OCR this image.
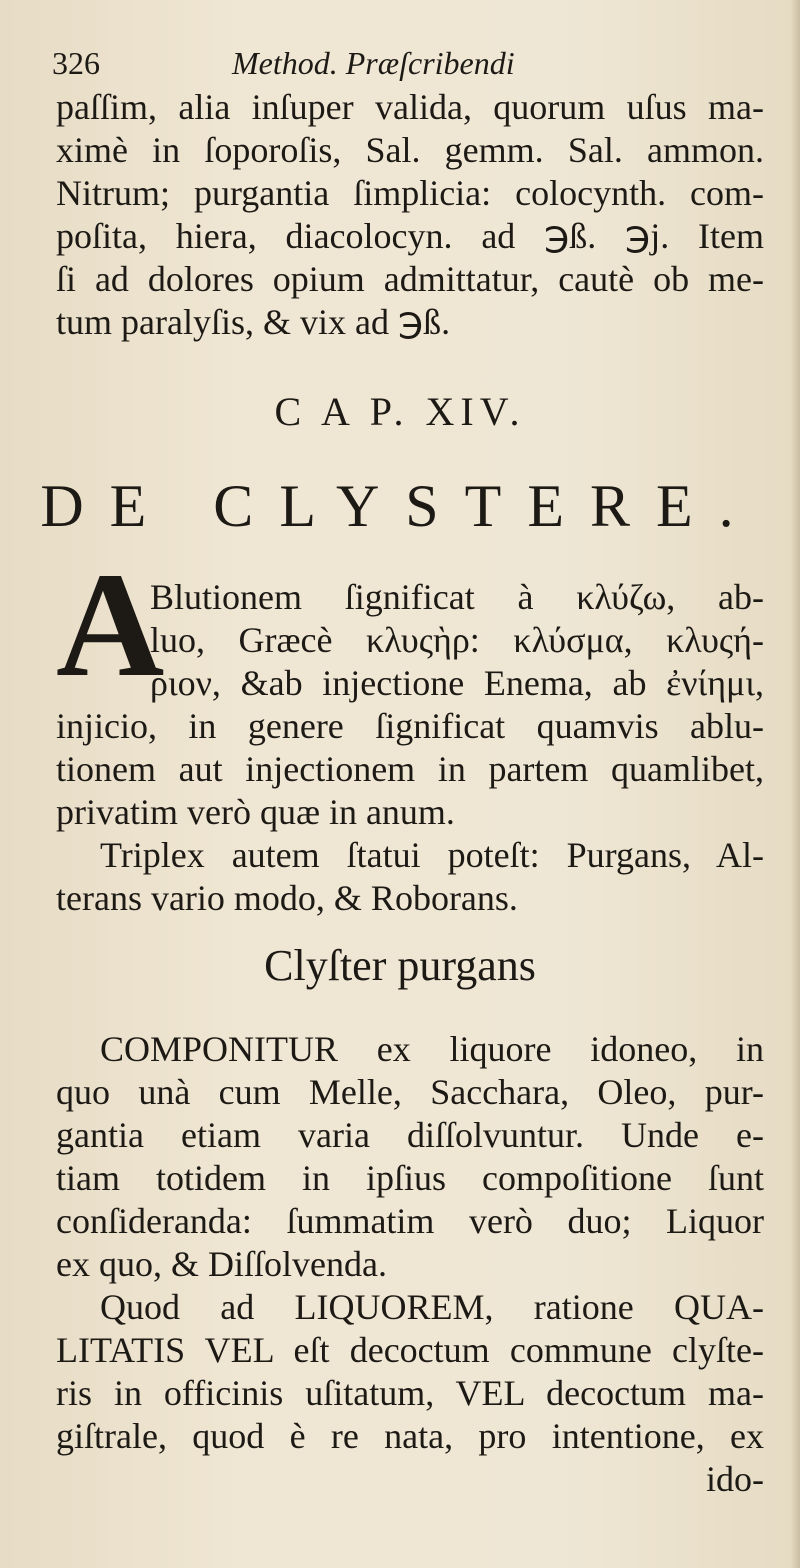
326	Method. Præſcribendi
paſſim, alia inſuper valida, quorum uſus ma-
ximè in ſoporoſis, Sal. gemm. Sal. ammon.
Nitrum; purgantia ſimplicia: colocynth. com-
poſita, hiera, diacolocyn. ad ℈ß. ℈j. Item
ſi ad dolores opium admittatur, cautè ob me-
tum paralyſis, & vix ad ℈ß.
C A P. XIV.
DE CLYSTERE.
A
Blutionem ſignificat à κλύζω, ab-
luo, Græcè κλυςὴρ: κλύσμα, κλυςή-
ριον, &ab injectione Enema, ab ἐνίημι,
injicio, in genere ſignificat quamvis ablu-
tionem aut injectionem in partem quamlibet,
privatim verò quæ in anum.
Triplex autem ſtatui poteſt: Purgans, Al-
terans vario modo, & Roborans.
Clyſter purgans
COMPONITUR ex liquore idoneo, in
quo unà cum Melle, Sacchara, Oleo, pur-
gantia etiam varia diſſolvuntur. Unde e-
tiam totidem in ipſius compoſitione ſunt
conſideranda: ſummatim verò duo; Liquor
ex quo, & Diſſolvenda.
Quod ad LIQUOREM, ratione QUA-
LITATIS VEL eſt decoctum commune clyſte-
ris in officinis uſitatum, VEL decoctum ma-
giſtrale, quod è re nata, pro intentione, ex
ido-
